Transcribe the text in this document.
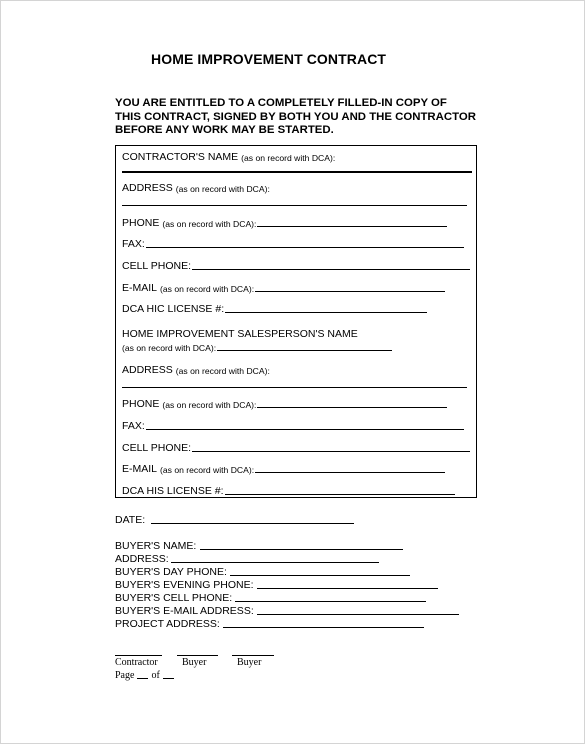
HOME IMPROVEMENT CONTRACT
YOU ARE ENTITLED TO A COMPLETELY FILLED-IN COPY OF
THIS CONTRACT, SIGNED BY BOTH YOU AND THE CONTRACTOR
BEFORE ANY WORK MAY BE STARTED.
CONTRACTOR'S NAME (as on record with DCA):
ADDRESS (as on record with DCA):
PHONE (as on record with DCA):
FAX:
CELL PHONE:
E-MAIL (as on record with DCA):
DCA HIC LICENSE #:
HOME IMPROVEMENT SALESPERSON'S NAME
(as on record with DCA):
ADDRESS (as on record with DCA):
PHONE (as on record with DCA):
FAX:
CELL PHONE:
E-MAIL (as on record with DCA):
DCA HIS LICENSE #:
DATE:
BUYER'S NAME:
ADDRESS:
BUYER'S DAY PHONE:
BUYER'S EVENING PHONE:
BUYER'S CELL PHONE:
BUYER'S E-MAIL ADDRESS:
PROJECT ADDRESS:
Contractor Buyer	Buyer
Page of
